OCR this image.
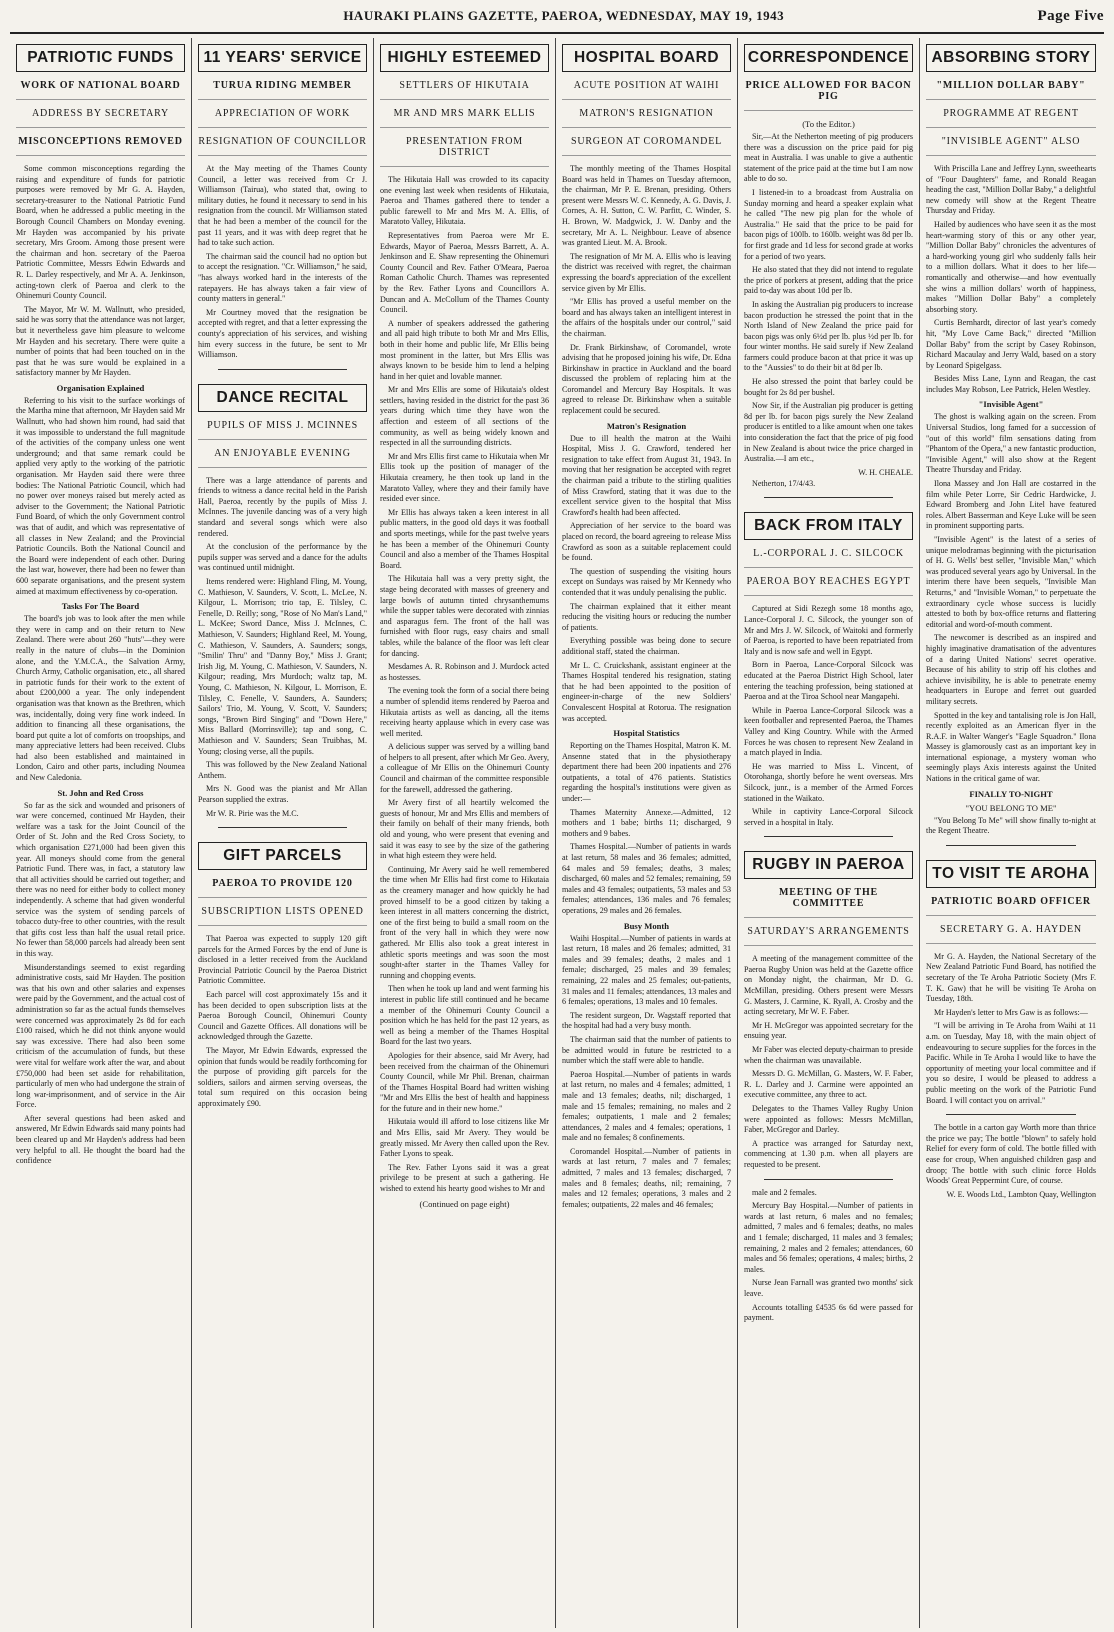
HAURAKI PLAINS GAZETTE, PAEROA, WEDNESDAY, MAY 19, 1943	Page Five
PATRIOTIC FUNDS
WORK OF NATIONAL BOARD
ADDRESS BY SECRETARY
MISCONCEPTIONS REMOVED

Some common misconceptions regarding the raising and expenditure of funds for patriotic purposes were removed by Mr G. A. Hayden, secretary-treasurer to the National Patriotic Fund Board, when he addressed a public meeting in the Borough Council Chambers on Monday evening. Mr Hayden was accompanied by his private secretary, Mrs Groom. Among those present were the chairman and hon. secretary of the Paeroa Patriotic Committee, Messrs Edwin Edwards and R. L. Darley respectively, and Mr A. A. Jenkinson, acting-town clerk of Paeroa and clerk to the Ohinemuri County Council.

The Mayor, Mr W. M. Wallnutt, who presided, said he was sorry that the attendance was not larger, but it nevertheless gave him pleasure to welcome Mr Hayden and his secretary. There were quite a number of points that had been touched on in the past that he was sure would be explained in a satisfactory manner by Mr Hayden.

Organisation Explained

Referring to his visit to the surface workings of the Martha mine that afternoon, Mr Hayden said Mr Wallnutt, who had shown him round, had said that it was impossible to understand the full magnitude of the activities of the company unless one went underground; and that same remark could be applied very aptly to the working of the patriotic organisation. Mr Hayden said there were three bodies: The National Patriotic Council, which had no power over moneys raised but merely acted as adviser to the Government; the National Patriotic Fund Board, of which the only Government control was that of audit, and which was representative of all classes in New Zealand; and the Provincial Patriotic Councils. Both the National Council and the Board were independent of each other. During the last war, however, there had been no fewer than 600 separate organisations, and the present system aimed at maximum effectiveness by co-operation.

Tasks For The Board

The board's job was to look after the men while they were in camp and on their return to New Zealand. There were about 260 "huts"—they were really in the nature of clubs—in the Dominion alone, and the Y.M.C.A., the Salvation Army, Church Army, Catholic organisation, etc., all shared in patriotic funds for their work to the extent of about £200,000 a year. The only independent organisation was that known as the Brethren, which was, incidentally, doing very fine work indeed. In addition to financing all these organisations, the board put quite a lot of comforts on troopships, and many appreciative letters had been received. Clubs had also been established and maintained in London, Cairo and other parts, including Noumea and New Caledonia.

St. John and Red Cross

So far as the sick and wounded and prisoners of war were concerned, continued Mr Hayden, their welfare was a task for the Joint Council of the Order of St. John and the Red Cross Society, to which organisation £271,000 had been given this year. All moneys should come from the general Patriotic Fund. There was, in fact, a statutory law that all activities should be carried out together; and there was no need for either body to collect money independently. A scheme that had given wonderful service was the system of sending parcels of tobacco duty-free to other countries, with the result that gifts cost less than half the usual retail price. No fewer than 58,000 parcels had already been sent in this way.

Misunderstandings seemed to exist regarding administrative costs, said Mr Hayden. The position was that his own and other salaries and expenses were paid by the Government, and the actual cost of administration so far as the actual funds themselves were concerned was approximately 2s 8d for each £100 raised, which he did not think anyone would say was excessive. There had also been some criticism of the accumulation of funds, but these were vital for welfare work after the war, and about £750,000 had been set aside for rehabilitation, particularly of men who had undergone the strain of long war-imprisonment, and of service in the Air Force.

After several questions had been asked and answered, Mr Edwin Edwards said many points had been cleared up and Mr Hayden's address had been very helpful to all. He thought the board had the confidence

11 YEARS' SERVICE
TURUA RIDING MEMBER
APPRECIATION OF WORK
RESIGNATION OF COUNCILLOR

At the May meeting of the Thames County Council, a letter was received from Cr J. Williamson (Tairua), who stated that, owing to military duties, he found it necessary to send in his resignation from the council. Mr Williamson stated that he had been a member of the council for the past 11 years, and it was with deep regret that he had to take such action.

The chairman said the council had no option but to accept the resignation. "Cr. Williamson," he said, "has always worked hard in the interests of the ratepayers. He has always taken a fair view of county matters in general."

Mr Courtney moved that the resignation be accepted with regret, and that a letter expressing the county's appreciation of his services, and wishing him every success in the future, be sent to Mr Williamson.

DANCE RECITAL
PUPILS OF MISS J. MCINNES
AN ENJOYABLE EVENING

There was a large attendance of parents and friends to witness a dance recital held in the Parish Hall, Paeroa, recently by the pupils of Miss J. McInnes. The juvenile dancing was of a very high standard and several songs which were also rendered.

At the conclusion of the performance by the pupils supper was served and a dance for the adults was continued until midnight.

Items rendered were: Highland Fling, M. Young, C. Mathieson, V. Saunders, V. Scott, L. McLee, N. Kilgour, L. Morrison; trio tap, E. Tilsley, C. Fenelle, D. Reilly; song, "Rose of No Man's Land," L. McKee; Sword Dance, Miss J. McInnes, C. Mathieson, V. Saunders; Highland Reel, M. Young, C. Mathieson, V. Saunders, A. Saunders; songs, "Smilin' Thru" and "Danny Boy," Miss J. Grant; Irish Jig, M. Young, C. Mathieson, V. Saunders, N. Kilgour; reading, Mrs Murdoch; waltz tap, M. Young, C. Mathieson, N. Kilgour, L. Morrison, E. Tilsley, C. Fenelle, V. Saunders, A. Saunders; Sailors' Trio, M. Young, V. Scott, V. Saunders; songs, "Brown Bird Singing" and "Down Here," Miss Ballard (Morrinsville); tap and song, C. Mathieson and V. Saunders; Sean Truibhas, M. Young; closing verse, all the pupils.

This was followed by the New Zealand National Anthem.

Mrs N. Good was the pianist and Mr Allan Pearson supplied the extras.

Mr W. R. Pirie was the M.C.

GIFT PARCELS
PAEROA TO PROVIDE 120
SUBSCRIPTION LISTS OPENED

That Paeroa was expected to supply 120 gift parcels for the Armed Forces by the end of June is disclosed in a letter received from the Auckland Provincial Patriotic Council by the Paeroa District Patriotic Committee.

Each parcel will cost approximately 15s and it has been decided to open subscription lists at the Paeroa Borough Council, Ohinemuri County Council and Gazette Offices. All donations will be acknowledged through the Gazette.

The Mayor, Mr Edwin Edwards, expressed the opinion that funds would be readily forthcoming for the purpose of providing gift parcels for the soldiers, sailors and airmen serving overseas, the total sum required on this occasion being approximately £90.

HIGHLY ESTEEMED
SETTLERS OF HIKUTAIA
MR AND MRS MARK ELLIS
PRESENTATION FROM DISTRICT

The Hikutaia Hall was crowded to its capacity one evening last week when residents of Hikutaia, Paeroa and Thames gathered there to tender a public farewell to Mr and Mrs M. A. Ellis, of Maratoto Valley, Hikutaia.

Representatives from Paeroa were Mr E. Edwards, Mayor of Paeroa, Messrs Barrett, A. A. Jenkinson and E. Shaw representing the Ohinemuri County Council and Rev. Father O'Meara, Paeroa Roman Catholic Church. Thames was represented by the Rev. Father Lyons and Councillors A. Duncan and A. McCollum of the Thames County Council.

A number of speakers addressed the gathering and all paid high tribute to both Mr and Mrs Ellis, both in their home and public life, Mr Ellis being most prominent in the latter, but Mrs Ellis was always known to be beside him to lend a helping hand in her quiet and lovable manner.

Mr and Mrs Ellis are some of Hikutaia's oldest settlers, having resided in the district for the past 36 years during which time they have won the affection and esteem of all sections of the community, as well as being widely known and respected in all the surrounding districts.

Mr and Mrs Ellis first came to Hikutaia when Mr Ellis took up the position of manager of the Hikutaia creamery, he then took up land in the Maratoto Valley, where they and their family have resided ever since.

Mr Ellis has always taken a keen interest in all public matters, in the good old days it was football and sports meetings, while for the past twelve years he has been a member of the Ohinemuri County Council and also a member of the Thames Hospital Board.

The Hikutaia hall was a very pretty sight, the stage being decorated with masses of greenery and large bowls of autumn tinted chrysanthemums while the supper tables were decorated with zinnias and asparagus fern. The front of the hall was furnished with floor rugs, easy chairs and small tables, while the balance of the floor was left clear for dancing.

Mesdames A. R. Robinson and J. Murdock acted as hostesses.

The evening took the form of a social there being a number of splendid items rendered by Paeroa and Hikutaia artists as well as dancing, all the items receiving hearty applause which in every case was well merited.

A delicious supper was served by a willing band of helpers to all present, after which Mr Geo. Avery, a colleague of Mr Ellis on the Ohinemuri County Council and chairman of the committee responsible for the farewell, addressed the gathering.

Mr Avery first of all heartily welcomed the guests of honour, Mr and Mrs Ellis and members of their family on behalf of their many friends, both old and young, who were present that evening and said it was easy to see by the size of the gathering in what high esteem they were held.

Continuing, Mr Avery said he well remembered the time when Mr Ellis had first come to Hikutaia as the creamery manager and how quickly he had proved himself to be a good citizen by taking a keen interest in all matters concerning the district, one of the first being to build a small room on the front of the very hall in which they were now gathered. Mr Ellis also took a great interest in athletic sports meetings and was soon the most sought-after starter in the Thames Valley for running and chopping events.

Then when he took up land and went farming his interest in public life still continued and he became a member of the Ohinemuri County Council a position which he has held for the past 12 years, as well as being a member of the Thames Hospital Board for the last two years.

Apologies for their absence, said Mr Avery, had been received from the chairman of the Ohinemuri County Council, while Mr Phil. Brenan, chairman of the Thames Hospital Board had written wishing "Mr and Mrs Ellis the best of health and happiness for the future and in their new home."

Hikutaia would ill afford to lose citizens like Mr and Mrs Ellis, said Mr Avery. They would be greatly missed. Mr Avery then called upon the Rev. Father Lyons to speak.

The Rev. Father Lyons said it was a great privilege to be present at such a gathering. He wished to extend his hearty good wishes to Mr and

(Continued on page eight)
HOSPITAL BOARD
ACUTE POSITION AT WAIHI
MATRON'S RESIGNATION
SURGEON AT COROMANDEL

The monthly meeting of the Thames Hospital Board was held in Thames on Tuesday afternoon, the chairman, Mr P. E. Brenan, presiding. Others present were Messrs W. C. Kennedy, A. G. Davis, J. Cornes, A. H. Sutton, C. W. Parfitt, C. Winder, S. H. Brown, W. Madgwick, J. W. Danby and the secretary, Mr A. L. Neighbour. Leave of absence was granted Lieut. M. A. Brook.

The resignation of Mr M. A. Ellis who is leaving the district was received with regret, the chairman expressing the board's appreciation of the excellent service given by Mr Ellis.

"Mr Ellis has proved a useful member on the board and has always taken an intelligent interest in the affairs of the hospitals under our control," said the chairman.

Dr. Frank Birkinshaw, of Coromandel, wrote advising that he proposed joining his wife, Dr. Edna Birkinshaw in practice in Auckland and the board discussed the problem of replacing him at the Coromandel and Mercury Bay Hospitals. It was agreed to release Dr. Birkinshaw when a suitable replacement could be secured.

Matron's Resignation

Due to ill health the matron at the Waihi Hospital, Miss J. G. Crawford, tendered her resignation to take effect from August 31, 1943. In moving that her resignation be accepted with regret the chairman paid a tribute to the stirling qualities of Miss Crawford, stating that it was due to the excellent service given to the hospital that Miss Crawford's health had been affected.

Appreciation of her service to the board was placed on record, the board agreeing to release Miss Crawford as soon as a suitable replacement could be found.

The question of suspending the visiting hours except on Sundays was raised by Mr Kennedy who contended that it was unduly penalising the public.

The chairman explained that it either meant reducing the visiting hours or reducing the number of patients.

Everything possible was being done to secure additional staff, stated the chairman.

Mr L. C. Cruickshank, assistant engineer at the Thames Hospital tendered his resignation, stating that he had been appointed to the position of engineer-in-charge of the new Soldiers' Convalescent Hospital at Rotorua. The resignation was accepted.

Hospital Statistics

Reporting on the Thames Hospital, Matron K. M. Ansenne stated that in the physiotherapy department there had been 200 inpatients and 276 outpatients, a total of 476 patients. Statistics regarding the hospital's institutions were given as under:—

Thames Maternity Annexe.—Admitted, 12 mothers and 1 babe; births 11; discharged, 9 mothers and 9 babes.

Thames Hospital.—Number of patients in wards at last return, 58 males and 36 females; admitted, 64 males and 59 females; deaths, 3 males; discharged, 60 males and 52 females; remaining, 59 males and 43 females; outpatients, 53 males and 53 females; attendances, 136 males and 76 females; operations, 29 males and 26 females.

Busy Month

Waihi Hospital.—Number of patients in wards at last return, 18 males and 26 females; admitted, 31 males and 39 females; deaths, 2 males and 1 female; discharged, 25 males and 39 females; remaining, 22 males and 25 females; out-patients, 31 males and 11 females; attendances, 13 males and 6 females; operations, 13 males and 10 females.

The resident surgeon, Dr. Wagstaff reported that the hospital had had a very busy month.

The chairman said that the number of patients to be admitted would in future be restricted to a number which the staff were able to handle.

Paeroa Hospital.—Number of patients in wards at last return, no males and 4 females; admitted, 1 male and 13 females; deaths, nil; discharged, 1 male and 15 females; remaining, no males and 2 females; outpatients, 1 male and 2 females; attendances, 2 males and 4 females; operations, 1 male and no females; 8 confinements.

Coromandel Hospital.—Number of patients in wards at last return, 7 males and 7 females; admitted, 7 males and 13 females; discharged, 7 males and 8 females; deaths, nil; remaining, 7 males and 12 females; operations, 3 males and 2 females; outpatients, 22 males and 46 females;

CORRESPONDENCE
PRICE ALLOWED FOR BACON PIG
(To the Editor.)

Sir,—At the Netherton meeting of pig producers there was a discussion on the price paid for pig meat in Australia. I was unable to give a authentic statement of the price paid at the time but I am now able to do so.

I listened-in to a broadcast from Australia on Sunday morning and heard a speaker explain what he called "The new pig plan for the whole of Australia." He said that the price to be paid for bacon pigs of 100lb. to 160lb. weight was 8d per lb. for first grade and 1d less for second grade at works for a period of two years.

He also stated that they did not intend to regulate the price of porkers at present, adding that the price paid to-day was about 10d per lb.

In asking the Australian pig producers to increase bacon production he stressed the point that in the North Island of New Zealand the price paid for bacon pigs was only 6½d per lb. plus ½d per lb. for four winter months. He said surely if New Zealand farmers could produce bacon at that price it was up to the "Aussies" to do their bit at 8d per lb.

He also stressed the point that barley could be bought for 2s 8d per bushel.

Now Sir, if the Australian pig producer is getting 8d per lb. for bacon pigs surely the New Zealand producer is entitled to a like amount when one takes into consideration the fact that the price of pig food in New Zealand is about twice the price charged in Australia.—I am etc.,

W. H. CHEALE.

Netherton, 17/4/43.

BACK FROM ITALY
L.-CORPORAL J. C. SILCOCK
PAEROA BOY REACHES EGYPT

Captured at Sidi Rezegh some 18 months ago, Lance-Corporal J. C. Silcock, the younger son of Mr and Mrs J. W. Silcock, of Waitoki and formerly of Paeroa, is reported to have been repatriated from Italy and is now safe and well in Egypt.

Born in Paeroa, Lance-Corporal Silcock was educated at the Paeroa District High School, later entering the teaching profession, being stationed at Paeroa and at the Tiroa School near Mangapehi.

While in Paeroa Lance-Corporal Silcock was a keen footballer and represented Paeroa, the Thames Valley and King Country. While with the Armed Forces he was chosen to represent New Zealand in a match played in India.

He was married to Miss L. Vincent, of Otorohanga, shortly before he went overseas. Mrs Silcock, junr., is a member of the Armed Forces stationed in the Waikato.

While in captivity Lance-Corporal Silcock served in a hospital in Italy.

RUGBY IN PAEROA
MEETING OF THE COMMITTEE
SATURDAY'S ARRANGEMENTS

A meeting of the management committee of the Paeroa Rugby Union was held at the Gazette office on Monday night, the chairman, Mr D. G. McMillan, presiding. Others present were Messrs G. Masters, J. Carmine, K. Ryall, A. Crosby and the acting secretary, Mr W. F. Faber.

Mr H. McGregor was appointed secretary for the ensuing year.

Mr Faber was elected deputy-chairman to preside when the chairman was unavailable.

Messrs D. G. McMillan, G. Masters, W. F. Faber, R. L. Darley and J. Carmine were appointed an executive committee, any three to act.

Delegates to the Thames Valley Rugby Union were appointed as follows: Messrs McMillan, Faber, McGregor and Darley.

A practice was arranged for Saturday next, commencing at 1.30 p.m. when all players are requested to be present.

male and 2 females.

Mercury Bay Hospital.—Number of patients in wards at last return, 6 males and no females; admitted, 7 males and 6 females; deaths, no males and 1 female; discharged, 11 males and 3 females; remaining, 2 males and 2 females; attendances, 60 males and 56 females; operations, 4 males; births, 2 males.

Nurse Jean Farnall was granted two months' sick leave.

Accounts totalling £4535 6s 6d were passed for payment.

ABSORBING STORY
"MILLION DOLLAR BABY"
PROGRAMME AT REGENT
"INVISIBLE AGENT" ALSO

With Priscilla Lane and Jeffrey Lynn, sweethearts of "Four Daughters" fame, and Ronald Reagan heading the cast, "Million Dollar Baby," a delightful new comedy will show at the Regent Theatre Thursday and Friday.

Hailed by audiences who have seen it as the most heart-warming story of this or any other year, "Million Dollar Baby" chronicles the adventures of a hard-working young girl who suddenly falls heir to a million dollars. What it does to her life—romantically and otherwise—and how eventually she wins a million dollars' worth of happiness, makes "Million Dollar Baby" a completely absorbing story.

Curtis Bernhardt, director of last year's comedy hit, "My Love Came Back," directed "Million Dollar Baby" from the script by Casey Robinson, Richard Macaulay and Jerry Wald, based on a story by Leonard Spigelgass.

Besides Miss Lane, Lynn and Reagan, the cast includes May Robson, Lee Patrick, Helen Westley.

"Invisible Agent"

The ghost is walking again on the screen. From Universal Studios, long famed for a succession of "out of this world" film sensations dating from "Phantom of the Opera," a new fantastic production, "Invisible Agent," will also show at the Regent Theatre Thursday and Friday.

Ilona Massey and Jon Hall are costarred in the film while Peter Lorre, Sir Cedric Hardwicke, J. Edward Bromberg and John Litel have featured roles. Albert Basserman and Keye Luke will be seen in prominent supporting parts.

"Invisible Agent" is the latest of a series of unique melodramas beginning with the picturisation of H. G. Wells' best seller, "Invisible Man," which was produced several years ago by Universal. In the interim there have been sequels, "Invisible Man Returns," and "Invisible Woman," to perpetuate the extraordinary cycle whose success is lucidly attested to both by box-office returns and flattering editorial and word-of-mouth comment.

The newcomer is described as an inspired and highly imaginative dramatisation of the adventures of a daring United Nations' secret operative. Because of his ability to strip off his clothes and achieve invisibility, he is able to penetrate enemy headquarters in Europe and ferret out guarded military secrets.

Spotted in the key and tantalising role is Jon Hall, recently exploited as an American flyer in the R.A.F. in Walter Wanger's "Eagle Squadron." Ilona Massey is glamorously cast as an important key in international espionage, a mystery woman who seemingly plays Axis interests against the United Nations in the critical game of war.

FINALLY TO-NIGHT
"YOU BELONG TO ME"

"You Belong To Me" will show finally to-night at the Regent Theatre.

TO VISIT TE AROHA
PATRIOTIC BOARD OFFICER
SECRETARY G. A. HAYDEN

Mr G. A. Hayden, the National Secretary of the New Zealand Patriotic Fund Board, has notified the secretary of the Te Aroha Patriotic Society (Mrs F. T. K. Gaw) that he will be visiting Te Aroha on Tuesday, 18th.

Mr Hayden's letter to Mrs Gaw is as follows:—

"I will be arriving in Te Aroha from Waihi at 11 a.m. on Tuesday, May 18, with the main object of endeavouring to secure supplies for the forces in the Pacific. While in Te Aroha I would like to have the opportunity of meeting your local committee and if you so desire, I would be pleased to address a public meeting on the work of the Patriotic Fund Board. I will contact you on arrival."

The bottle in a carton gay Worth more than thrice the price we pay; The bottle "blown" to safely hold Relief for every form of cold. The bottle filled with ease for croup, When anguished children gasp and droop; The bottle with such clinic force Holds Woods' Great Peppermint Cure, of course.

W. E. Woods Ltd., Lambton Quay, Wellington
